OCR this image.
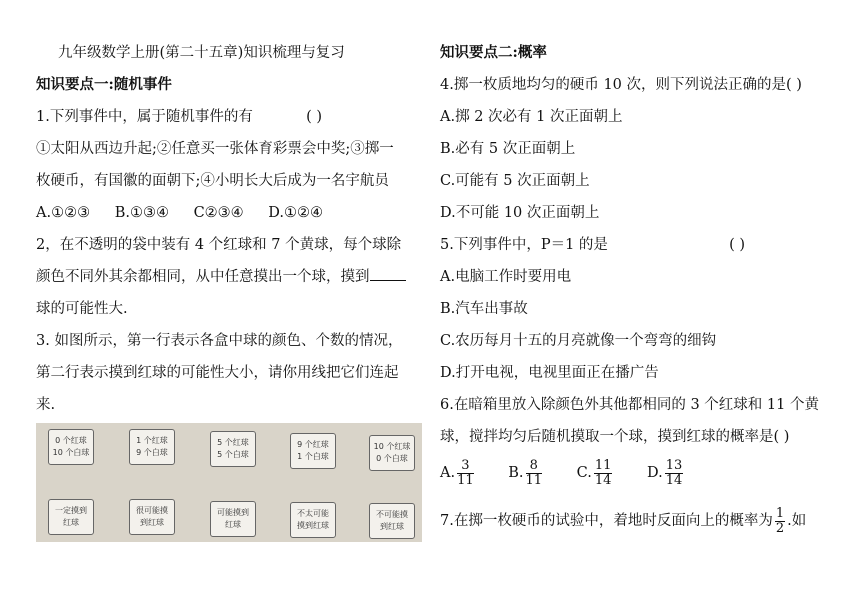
九年级数学上册(第二十五章)知识梳理与复习
知识要点一:随机事件
1.下列事件中，属于随机事件的有	( )
①太阳从西边升起;②任意买一张体育彩票会中奖;③掷一
枚硬币，有国徽的面朝下;④小明长大后成为一名宇航员
A.①②③ B.①③④ C②③④ D.①②④
2，在不透明的袋中装有 4 个红球和 7 个黄球，每个球除
颜色不同外其余都相同，从中任意摸出一个球，摸到
球的可能性大.
3. 如图所示，第一行表示各盒中球的颜色、个数的情况，
第二行表示摸到红球的可能性大小，请你用线把它们连起
来.
0 个红球
10 个白球
1 个红球
9 个白球
5 个红球
5 个白球
9 个红球
1 个白球
10 个红球
0 个白球
一定摸到
红球
很可能摸
到红球
可能摸到
红球
不太可能
摸到红球
不可能摸
到红球
知识要点二:概率
4.掷一枚质地均匀的硬币 10 次，则下列说法正确的是( )
A.掷 2 次必有 1 次正面朝上
B.必有 5 次正面朝上
C.可能有 5 次正面朝上
D.不可能 10 次正面朝上
5.下列事件中，P＝1 的是	( )
A.电脑工作时要用电
B.汽车出事故
C.农历每月十五的月亮就像一个弯弯的细钩
D.打开电视，电视里面正在播广告
6.在暗箱里放入除颜色外其他都相同的 3 个红球和 11 个黄
球，搅拌均匀后随机摸取一个球，摸到红球的概率是( )
A. $\frac{3}{11} B$. $\frac{8}{11} C$. $\frac{11}{14} D$. $\frac{13}{14}$
7.在掷一枚硬币的试验中，着地时反面向上的概率为 $\frac{1}{2}$ .如
